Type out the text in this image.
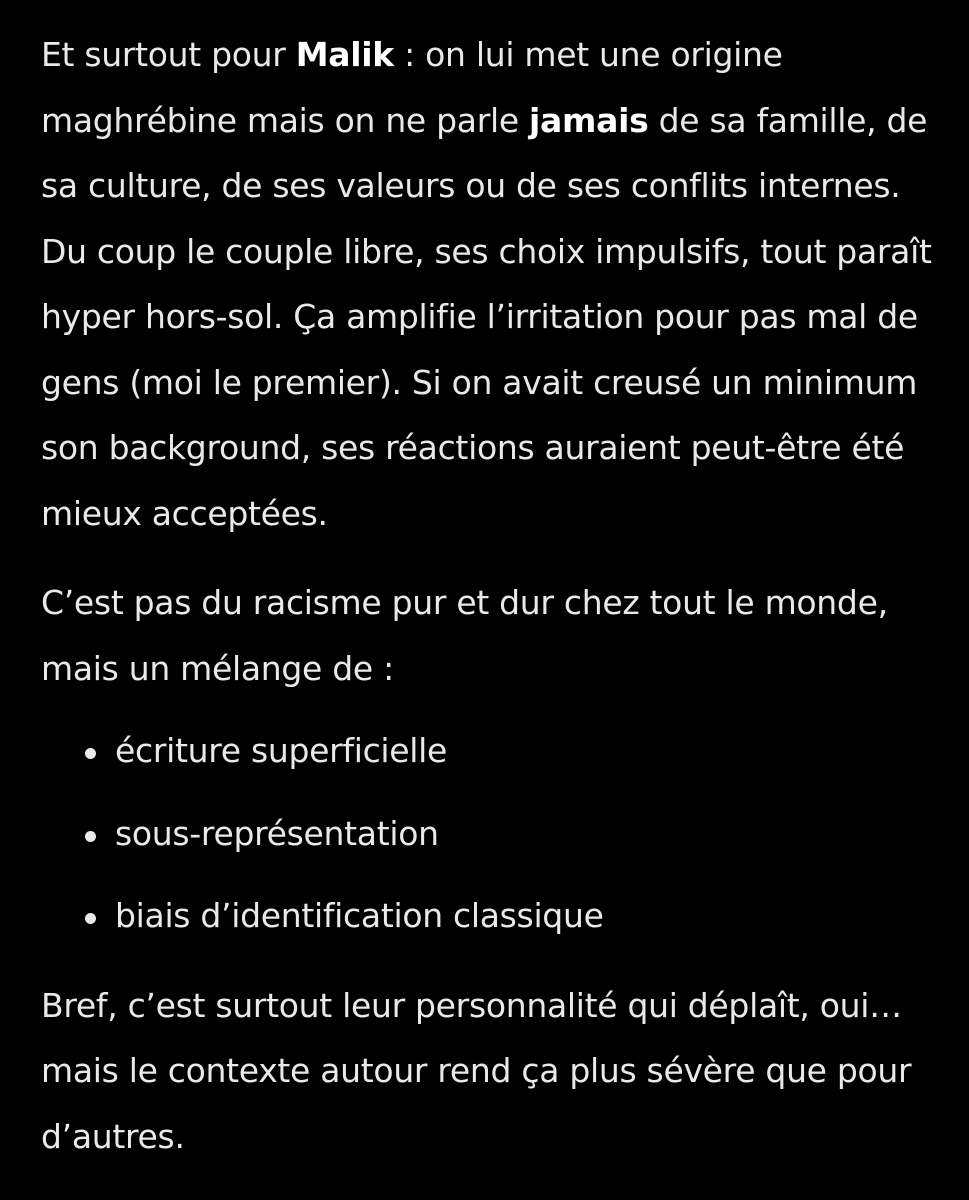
Et surtout pour Malik : on lui met une origine maghrébine mais on ne parle jamais de sa famille, de sa culture, de ses valeurs ou de ses conflits internes. Du coup le couple libre, ses choix impulsifs, tout paraît hyper hors-sol. Ça amplifie l’irritation pour pas mal de gens (moi le premier). Si on avait creusé un minimum son background, ses réactions auraient peut-être été mieux acceptées.

C’est pas du racisme pur et dur chez tout le monde, mais un mélange de :

écriture superficielle
sous-représentation
biais d’identification classique

Bref, c’est surtout leur personnalité qui déplaît, oui… mais le contexte autour rend ça plus sévère que pour d’autres.
